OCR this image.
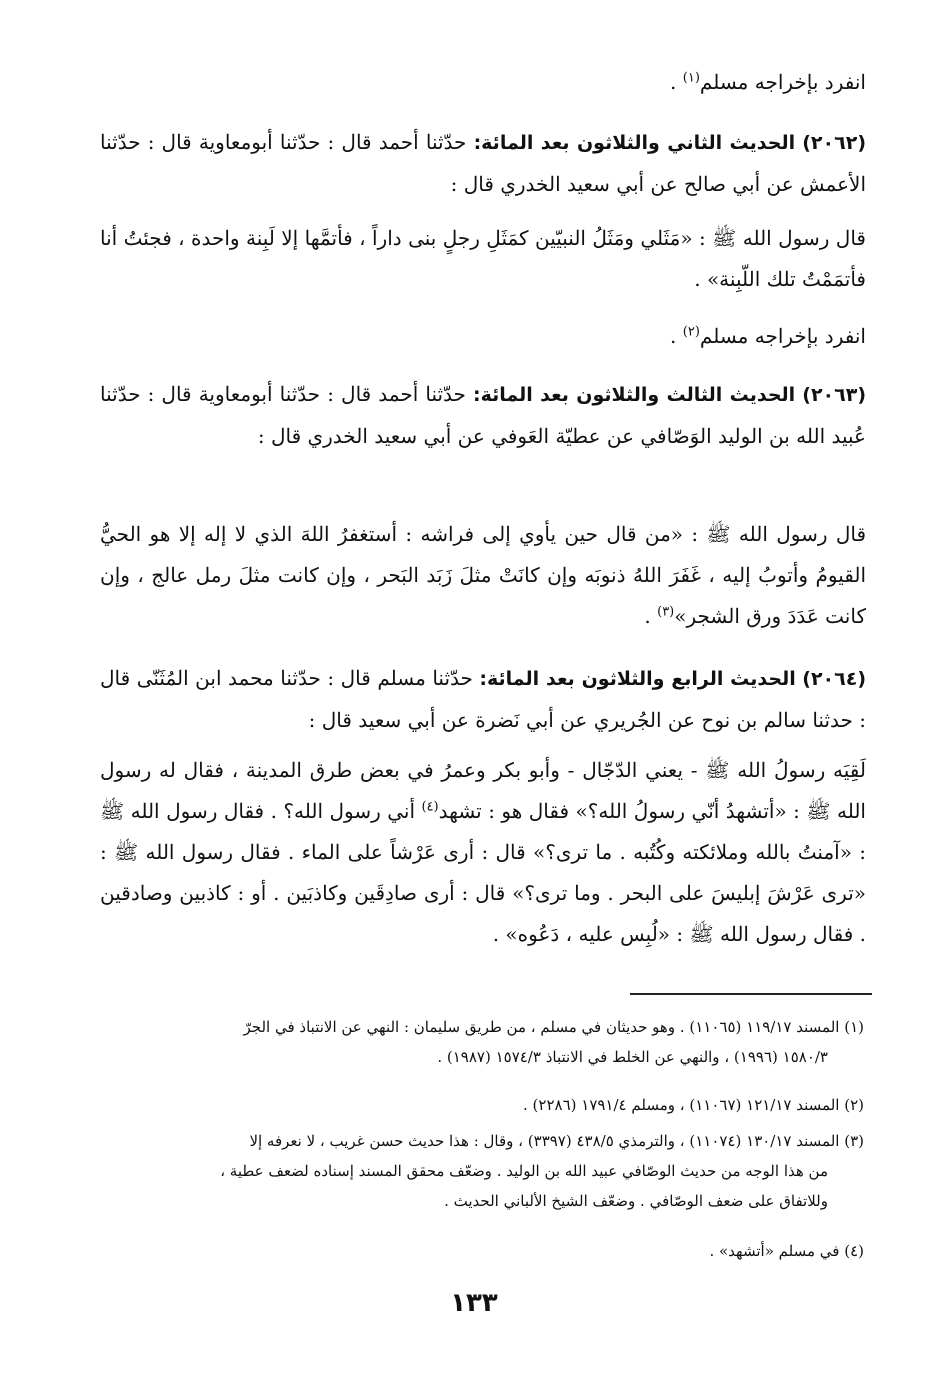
انفرد بإخراجه مسلم$^{(١)}$ .
(٢٠٦٢) الحديث الثاني والثلاثون بعد المائة: حدّثنا أحمد قال : حدّثنا أبومعاوية قال : حدّثنا الأعمش عن أبي صالح عن أبي سعيد الخدري قال :
قال رسول الله ﷺ : «مَثَلي ومَثَلُ النبيّين كمَثَلِ رجلٍ بنى داراً ، فأتمَّها إلا لَبِنة واحدة ، فجئتُ أنا فأتمَمْتُ تلك اللّبِنة» .
انفرد بإخراجه مسلم$^{(٢)}$ .
(٢٠٦٣) الحديث الثالث والثلاثون بعد المائة: حدّثنا أحمد قال : حدّثنا أبومعاوية قال : حدّثنا عُبيد الله بن الوليد الوَصّافي عن عطيّة العَوفي عن أبي سعيد الخدري قال :
قال رسول الله ﷺ : «من قال حين يأوي إلى فراشه : أستغفرُ اللهَ الذي لا إله إلا هو الحيُّ القيومُ وأتوبُ إليه ، غَفَرَ اللهُ ذنوبَه وإن كانَتْ مثلَ زَبَد البَحر ، وإن كانت مثلَ رمل عالج ، وإن كانت عَدَدَ ورق الشجر»$^{(٣)}$ .
(٢٠٦٤) الحديث الرابع والثلاثون بعد المائة: حدّثنا مسلم قال : حدّثنا محمد ابن المُثَنّى قال : حدثنا سالم بن نوح عن الجُريري عن أبي نَضرة عن أبي سعيد قال :
لَقِيَه رسولُ الله ﷺ - يعني الدّجّال - وأبو بكر وعمرُ في بعض طرق المدينة ، فقال له رسول الله ﷺ : «أتشهدُ أنّي رسولُ الله؟» فقال هو : تشهد$^{(٤)}$ أني رسول الله؟ . فقال رسول الله ﷺ : «آمنتُ بالله وملائكته وكُتُبه . ما ترى؟» قال : أرى عَرْشاً على الماء . فقال رسول الله ﷺ : «ترى عَرْشَ إبليسَ على البحر . وما ترى؟» قال : أرى صادِقَين وكاذبَين . أو : كاذبين وصادقين . فقال رسول الله ﷺ : «لُبِس عليه ، دَعُوه» .
(١) المسند ١١٩/١٧ (١١٠٦٥) . وهو حديثان في مسلم ، من طريق سليمان : النهي عن الانتباذ في الجرّ
١٥٨٠/٣ (١٩٩٦) ، والنهي عن الخلط في الانتباذ ١٥٧٤/٣ (١٩٨٧) .
(٢) المسند ١٢١/١٧ (١١٠٦٧) ، ومسلم ١٧٩١/٤ (٢٢٨٦) .
(٣) المسند ١٣٠/١٧ (١١٠٧٤) ، والترمذي ٤٣٨/٥ (٣٣٩٧) ، وقال : هذا حديث حسن غريب ، لا نعرفه إلا
من هذا الوجه من حديث الوصّافي عبيد الله بن الوليد . وضعّف محقق المسند إسناده لضعف عطية ،
وللاتفاق على ضعف الوصّافي . وضعّف الشيخ الألباني الحديث .
(٤) في مسلم «أتشهد» .
١٣٣
